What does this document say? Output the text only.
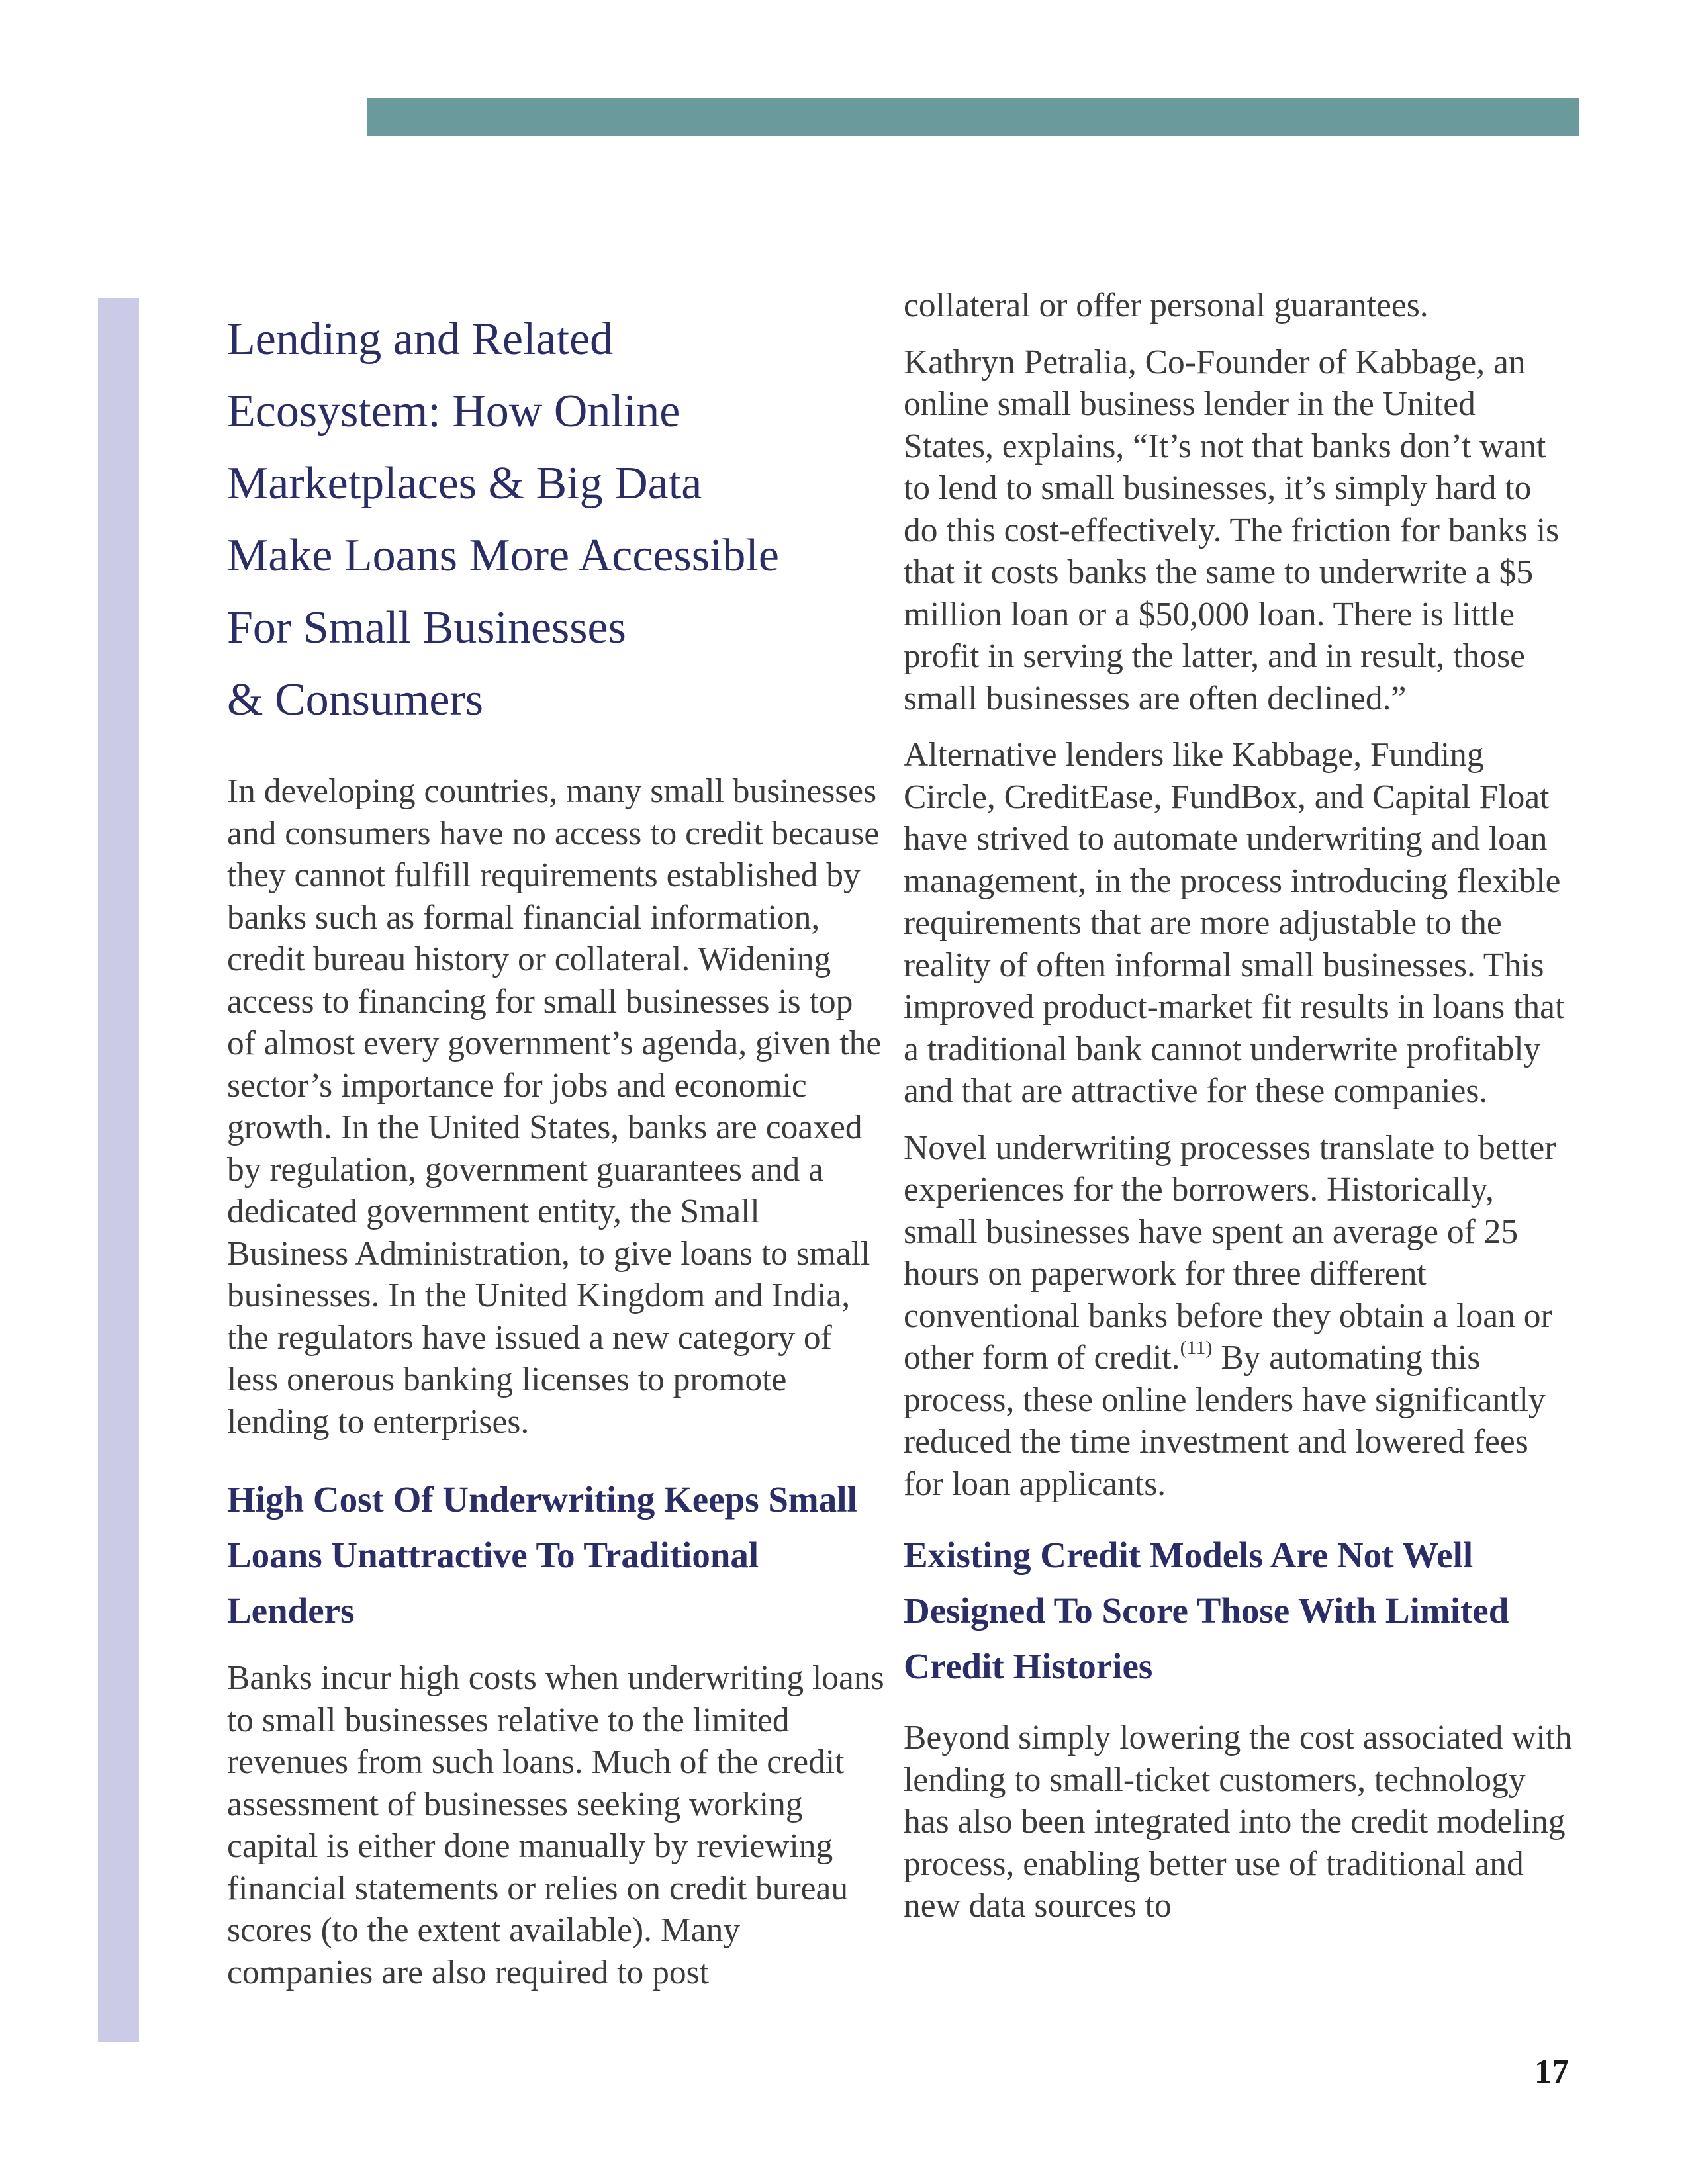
Lending and Related
Ecosystem: How Online
Marketplaces & Big Data
Make Loans More Accessible
For Small Businesses
& Consumers

In developing countries, many small businesses and consumers have no access to credit because they cannot fulfill requirements established by banks such as formal financial information, credit bureau history or collateral. Widening access to financing for small businesses is top of almost every government’s agenda, given the sector’s importance for jobs and economic growth. In the United States, banks are coaxed by regulation, government guarantees and a dedicated government entity, the Small Business Administration, to give loans to small businesses. In the United Kingdom and India, the regulators have issued a new category of less onerous banking licenses to promote lending to enterprises.

High Cost Of Underwriting Keeps Small Loans Unattractive To Traditional Lenders

Banks incur high costs when underwriting loans to small businesses relative to the limited revenues from such loans. Much of the credit assessment of businesses seeking working capital is either done manually by reviewing financial statements or relies on credit bureau scores (to the extent available). Many companies are also required to post

collateral or offer personal guarantees.

Kathryn Petralia, Co-Founder of Kabbage, an online small business lender in the United States, explains, “It’s not that banks don’t want to lend to small businesses, it’s simply hard to do this cost-effectively. The friction for banks is that it costs banks the same to underwrite a $5 million loan or a $50,000 loan. There is little profit in serving the latter, and in result, those small businesses are often declined.”

Alternative lenders like Kabbage, Funding Circle, CreditEase, FundBox, and Capital Float have strived to automate underwriting and loan management, in the process introducing flexible requirements that are more adjustable to the reality of often informal small businesses. This improved product-market fit results in loans that a traditional bank cannot underwrite profitably and that are attractive for these companies.

Novel underwriting processes translate to better experiences for the borrowers. Historically, small businesses have spent an average of 25 hours on paperwork for three different conventional banks before they obtain a loan or other form of credit.$^{(11)}$ By automating this process, these online lenders have significantly reduced the time investment and lowered fees for loan applicants.

Existing Credit Models Are Not Well Designed To Score Those With Limited Credit Histories

Beyond simply lowering the cost associated with lending to small-ticket customers, technology has also been integrated into the credit modeling process, enabling better use of traditional and new data sources to

17
